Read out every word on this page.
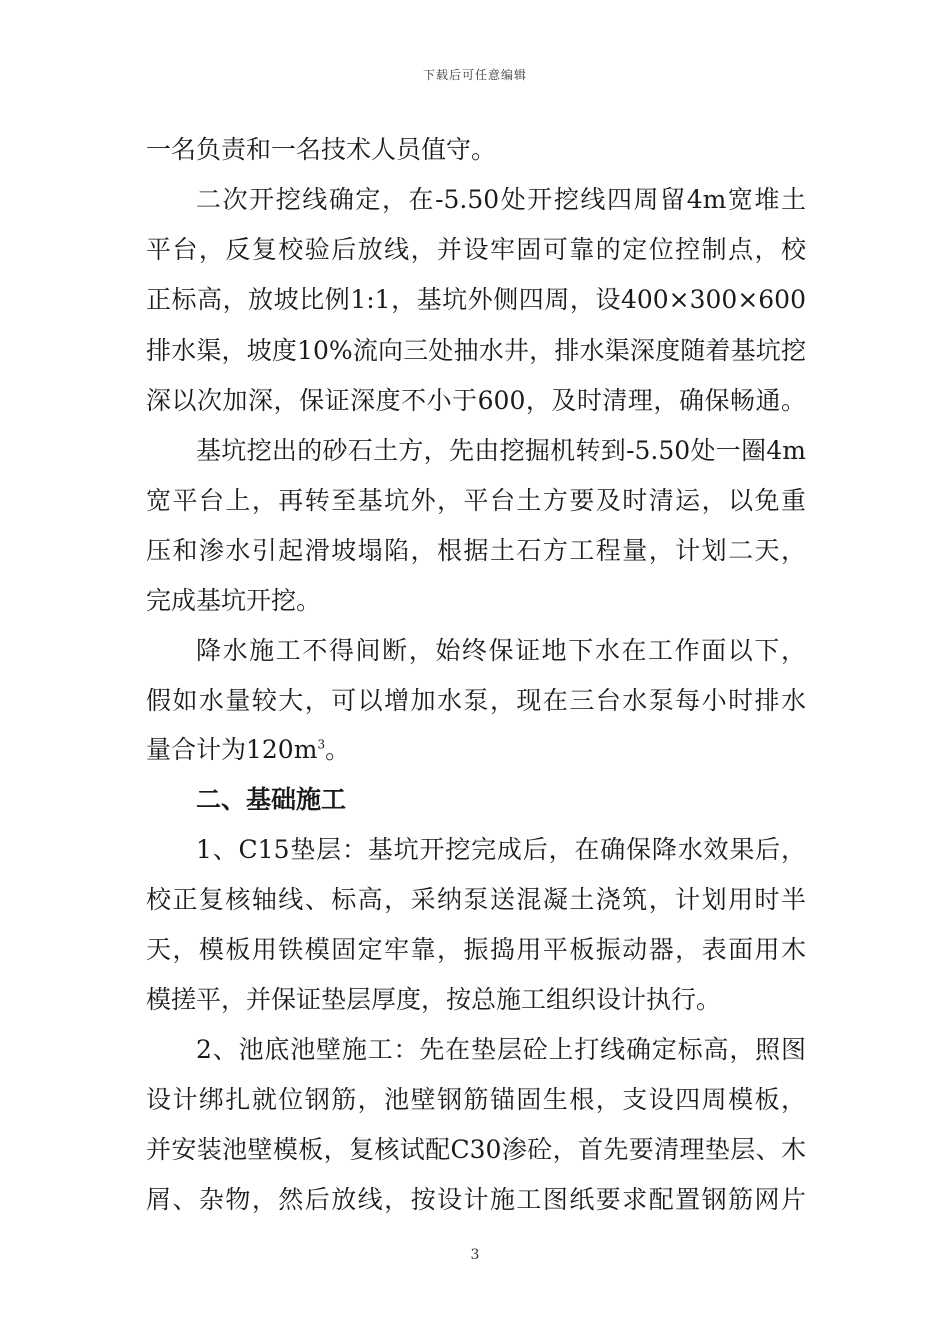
下载后可任意编辑
一名负责和一名技术人员值守。
二次开挖线确定，在-5.50处开挖线四周留4m宽堆土
平台，反复校验后放线，并设牢固可靠的定位控制点，校
正标高，放坡比例1:1，基坑外侧四周，设400×300×600
排水渠，坡度10%流向三处抽水井，排水渠深度随着基坑挖
深以次加深，保证深度不小于600，及时清理，确保畅通。
基坑挖出的砂石土方，先由挖掘机转到-5.50处一圈4m
宽平台上，再转至基坑外，平台土方要及时清运，以免重
压和渗水引起滑坡塌陷，根据土石方工程量，计划二天，
完成基坑开挖。
降水施工不得间断，始终保证地下水在工作面以下，
假如水量较大，可以增加水泵，现在三台水泵每小时排水
量合计为$120m^3$。
二、基础施工
1、C15垫层：基坑开挖完成后，在确保降水效果后，
校正复核轴线、标高，采纳泵送混凝土浇筑，计划用时半
天，模板用铁模固定牢靠，振捣用平板振动器，表面用木
模搓平，并保证垫层厚度，按总施工组织设计执行。
2、池底池壁施工：先在垫层砼上打线确定标高，照图
设计绑扎就位钢筋，池壁钢筋锚固生根，支设四周模板，
并安装池壁模板，复核试配C30渗砼，首先要清理垫层、木
屑、杂物，然后放线，按设计施工图纸要求配置钢筋网片
3
